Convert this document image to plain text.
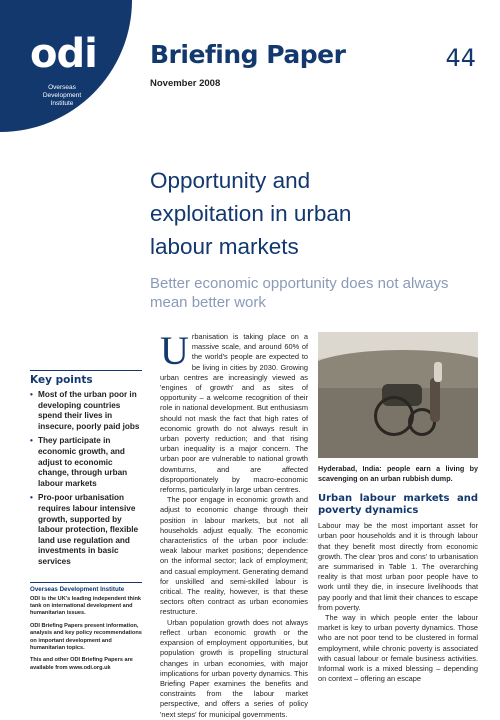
odi
Overseas Development
Institute
Briefing Paper
November 2008
44
Opportunity and
exploitation in urban
labour markets
Better economic opportunity does not always
mean better work
Key points
• Most of the urban poor in developing countries spend their lives in insecure, poorly paid jobs
• They participate in economic growth, and adjust to economic change, through urban labour markets
• Pro-poor urbanisation requires labour intensive growth, supported by labour protection, flexible land use regulation and investments in basic services
Overseas Development Institute

ODI is the UK's leading independent think tank on international development and humanitarian issues.

ODI Briefing Papers present information, analysis and key policy recommendations on important development and humanitarian topics.

This and other ODI Briefing Papers are available from www.odi.org.uk

U rbanisation is taking place on a massive scale, and around 60% of the world's people are expected to be living in cities by 2030. Growing urban centres are increasingly viewed as 'engines of growth' and as sites of opportunity – a welcome recognition of their role in national development. But enthusiasm should not mask the fact that high rates of economic growth do not always result in urban poverty reduction; and that rising urban inequality is a major concern. The urban poor are vulnerable to national growth downturns, and are affected disproportionately by macro-economic reforms, particularly in large urban centres.

The poor engage in economic growth and adjust to economic change through their position in labour markets, but not all households adjust equally. The economic characteristics of the urban poor include: weak labour market positions; dependence on the informal sector; lack of employment; and casual employment. Generating demand for unskilled and semi-skilled labour is critical. The reality, however, is that these sectors often contract as urban economies restructure.

Urban population growth does not always reflect urban economic growth or the expansion of employment opportunities, but population growth is propelling structural changes in urban economies, with major implications for urban poverty dynamics. This Briefing Paper examines the benefits and constraints from the labour market perspective, and offers a series of policy 'next steps' for municipal governments.

Hyderabad, India: people earn a living by scavenging on an urban rubbish dump.
Urban labour markets and poverty dynamics

Labour may be the most important asset for urban poor households and it is through labour that they benefit most directly from economic growth. The clear 'pros and cons' to urbanisation are summarised in Table 1. The overarching reality is that most urban poor people have to work until they die, in insecure livelihoods that pay poorly and that limit their chances to escape from poverty.

The way in which people enter the labour market is key to urban poverty dynamics. Those who are not poor tend to be clustered in formal employment, while chronic poverty is associated with casual labour or female business activities. Informal work is a mixed blessing – depending on context – offering an escape
